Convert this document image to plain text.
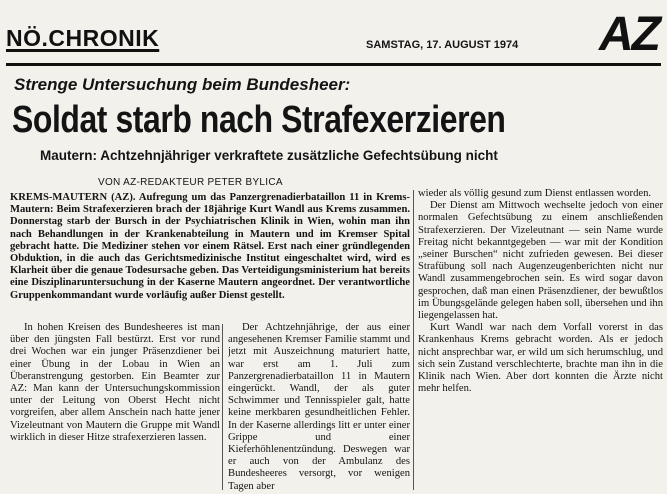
NÖ.CHRONIK	SAMSTAG, 17. AUGUST 1974 AZ
Strenge Untersuchung beim Bundesheer:
Soldat starb nach Strafexerzieren
Mautern: Achtzehnjähriger verkraftete zusätzliche Gefechtsübung nicht
VON AZ-REDAKTEUR PETER BYLICA
KREMS-MAUTERN (AZ). Aufregung um das Panzergrenadierbataillon 11 in Krems-Mautern: Beim Strafexerzieren brach der 18jährige Kurt Wandl aus Krems zusammen. Donnerstag starb der Bursch in der Psychiatrischen Klinik in Wien, wohin man ihn nach Behandlungen in der Krankenabteilung in Mautern und im Kremser Spital gebracht hatte. Die Mediziner stehen vor einem Rätsel. Erst nach einer gründlegenden Obduktion, in die auch das Gerichtsmedizinische Institut eingeschaltet wird, wird es Klarheit über die genaue Todesursache geben. Das Verteidigungsministerium hat bereits eine Disziplinaruntersuchung in der Kaserne Mautern angeordnet. Der verantwortliche Gruppenkommandant wurde vorläufig außer Dienst gestellt.
In hohen Kreisen des Bundesheeres ist man über den jüngsten Fall bestürzt. Erst vor rund drei Wochen war ein junger Präsenzdiener bei einer Übung in der Lobau in Wien an Überanstrengung gestorben. Ein Beamter zur AZ: Man kann der Untersuchungskommission unter der Leitung von Oberst Hecht nicht vorgreifen, aber allem Anschein nach hatte jener Vizeleutnant von Mautern die Gruppe mit Wandl wirklich in dieser Hitze strafexerzieren lassen.
Der Achtzehnjährige, der aus einer angesehenen Kremser Familie stammt und jetzt mit Auszeichnung maturiert hatte, war erst am 1. Juli zum Panzergrenadierbataillon 11 in Mautern eingerückt. Wandl, der als guter Schwimmer und Tennisspieler galt, hatte keine merkbaren gesundheitlichen Fehler. In der Kaserne allerdings litt er unter einer Grippe und einer Kieferhöhlenentzündung. Deswegen war er auch von der Ambulanz des Bundesheeres versorgt, vor wenigen Tagen aber

wieder als völlig gesund zum Dienst entlassen worden.

Der Dienst am Mittwoch wechselte jedoch von einer normalen Gefechtsübung zu einem anschließenden Strafexerzieren. Der Vizeleutnant — sein Name wurde Freitag nicht bekanntgegeben — war mit der Kondition „seiner Burschen“ nicht zufrieden gewesen. Bei dieser Strafübung soll nach Augenzeugenberichten nicht nur Wandl zusammengebrochen sein. Es wird sogar davon gesprochen, daß man einen Präsenzdiener, der bewußtlos im Übungsgelände gelegen haben soll, übersehen und ihn liegengelassen hat.

Kurt Wandl war nach dem Vorfall vorerst in das Krankenhaus Krems gebracht worden. Als er jedoch nicht ansprechbar war, er wild um sich herumschlug, und sich sein Zustand verschlechterte, brachte man ihn in die Klinik nach Wien. Aber dort konnten die Ärzte nicht mehr helfen.
